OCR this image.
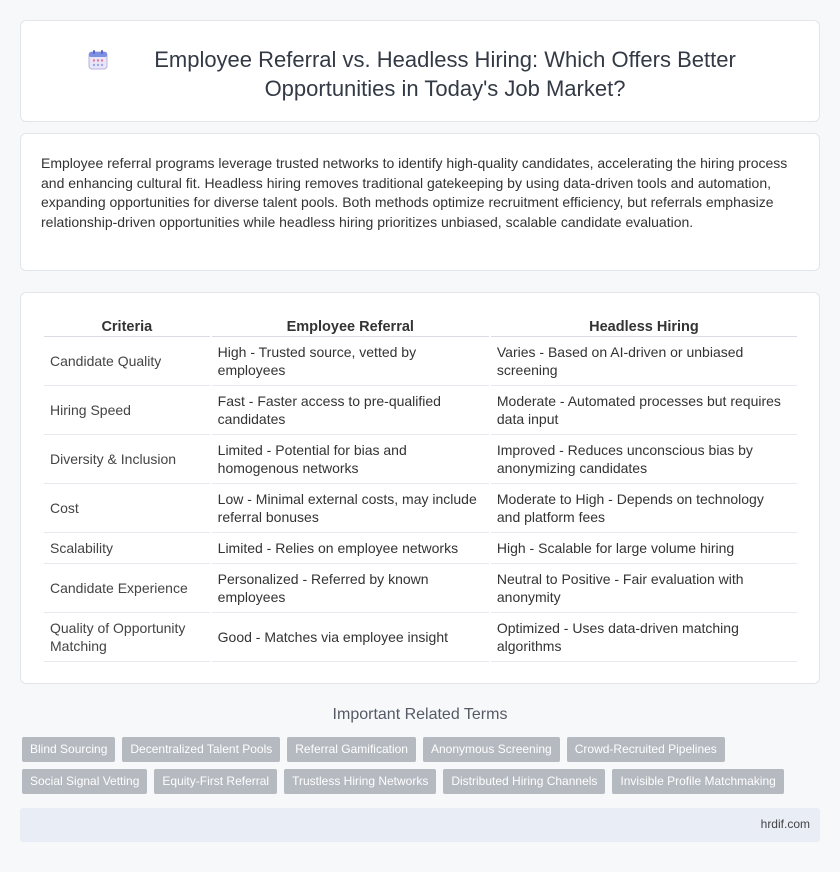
Employee Referral vs. Headless Hiring: Which Offers Better Opportunities in Today's Job Market?

Employee referral programs leverage trusted networks to identify high-quality candidates, accelerating the hiring process and enhancing cultural fit. Headless hiring removes traditional gatekeeping by using data-driven tools and automation, expanding opportunities for diverse talent pools. Both methods optimize recruitment efficiency, but referrals emphasize relationship-driven opportunities while headless hiring prioritizes unbiased, scalable candidate evaluation.

Criteria	Employee Referral	Headless Hiring
Candidate Quality	High - Trusted source, vetted by employees	Varies - Based on AI-driven or unbiased screening
Hiring Speed	Fast - Faster access to pre-qualified candidates	Moderate - Automated processes but requires data input
Diversity & Inclusion	Limited - Potential for bias and homogenous networks	Improved - Reduces unconscious bias by anonymizing candidates
Cost	Low - Minimal external costs, may include referral bonuses	Moderate to High - Depends on technology and platform fees
Scalability	Limited - Relies on employee networks	High - Scalable for large volume hiring
Candidate Experience	Personalized - Referred by known employees	Neutral to Positive - Fair evaluation with anonymity
Quality of Opportunity Matching	Good - Matches via employee insight	Optimized - Uses data-driven matching algorithms
Important Related Terms
Blind Sourcing	Decentralized Talent Pools	Referral Gamification	Anonymous Screening	Crowd-Recruited Pipelines
Social Signal Vetting	Equity-First Referral	Trustless Hiring Networks	Distributed Hiring Channels	Invisible Profile Matchmaking
hrdif.com
